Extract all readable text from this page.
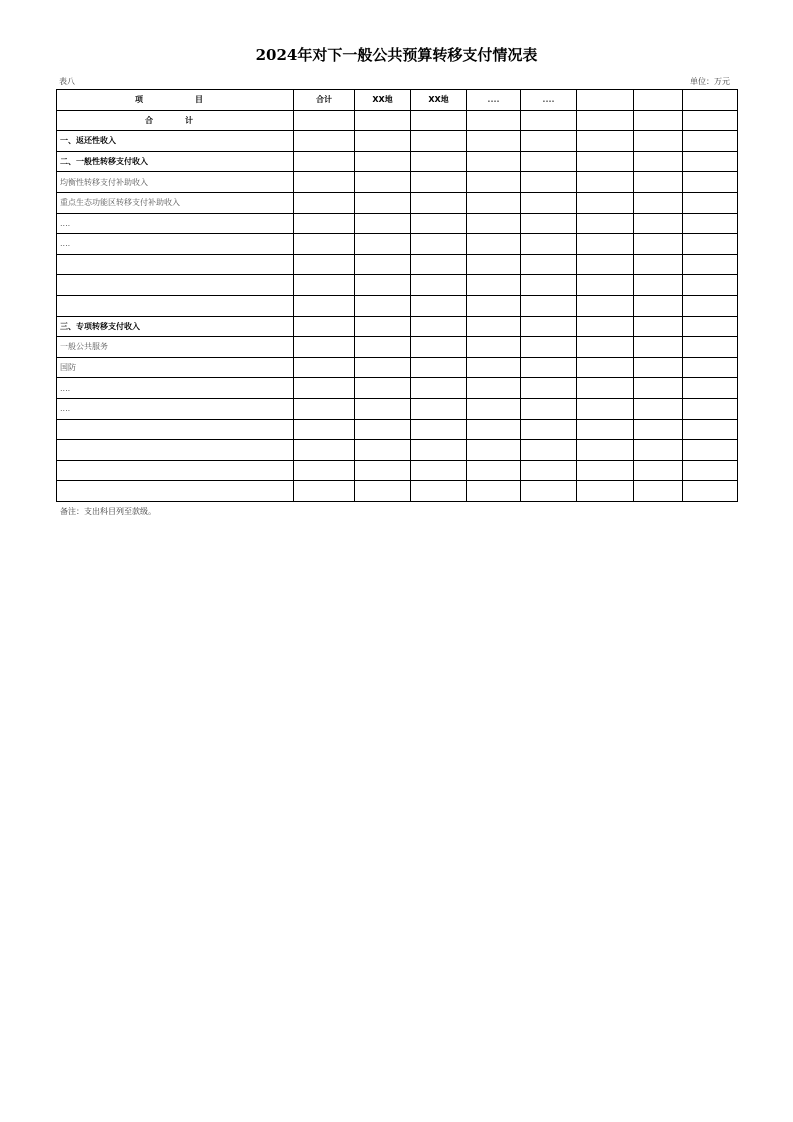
2024年对下一般公共预算转移支付情况表
表八	单位：万元
项　　目	合计	XX地	XX地	....	....			
合　计								
一、返还性收入								
二、一般性转移支付收入								
均衡性转移支付补助收入								
重点生态功能区转移支付补助收入								
....								
....								

三、专项转移支付收入								
一般公共服务								
国防								
....								
....								

备注：支出科目列至款级。
